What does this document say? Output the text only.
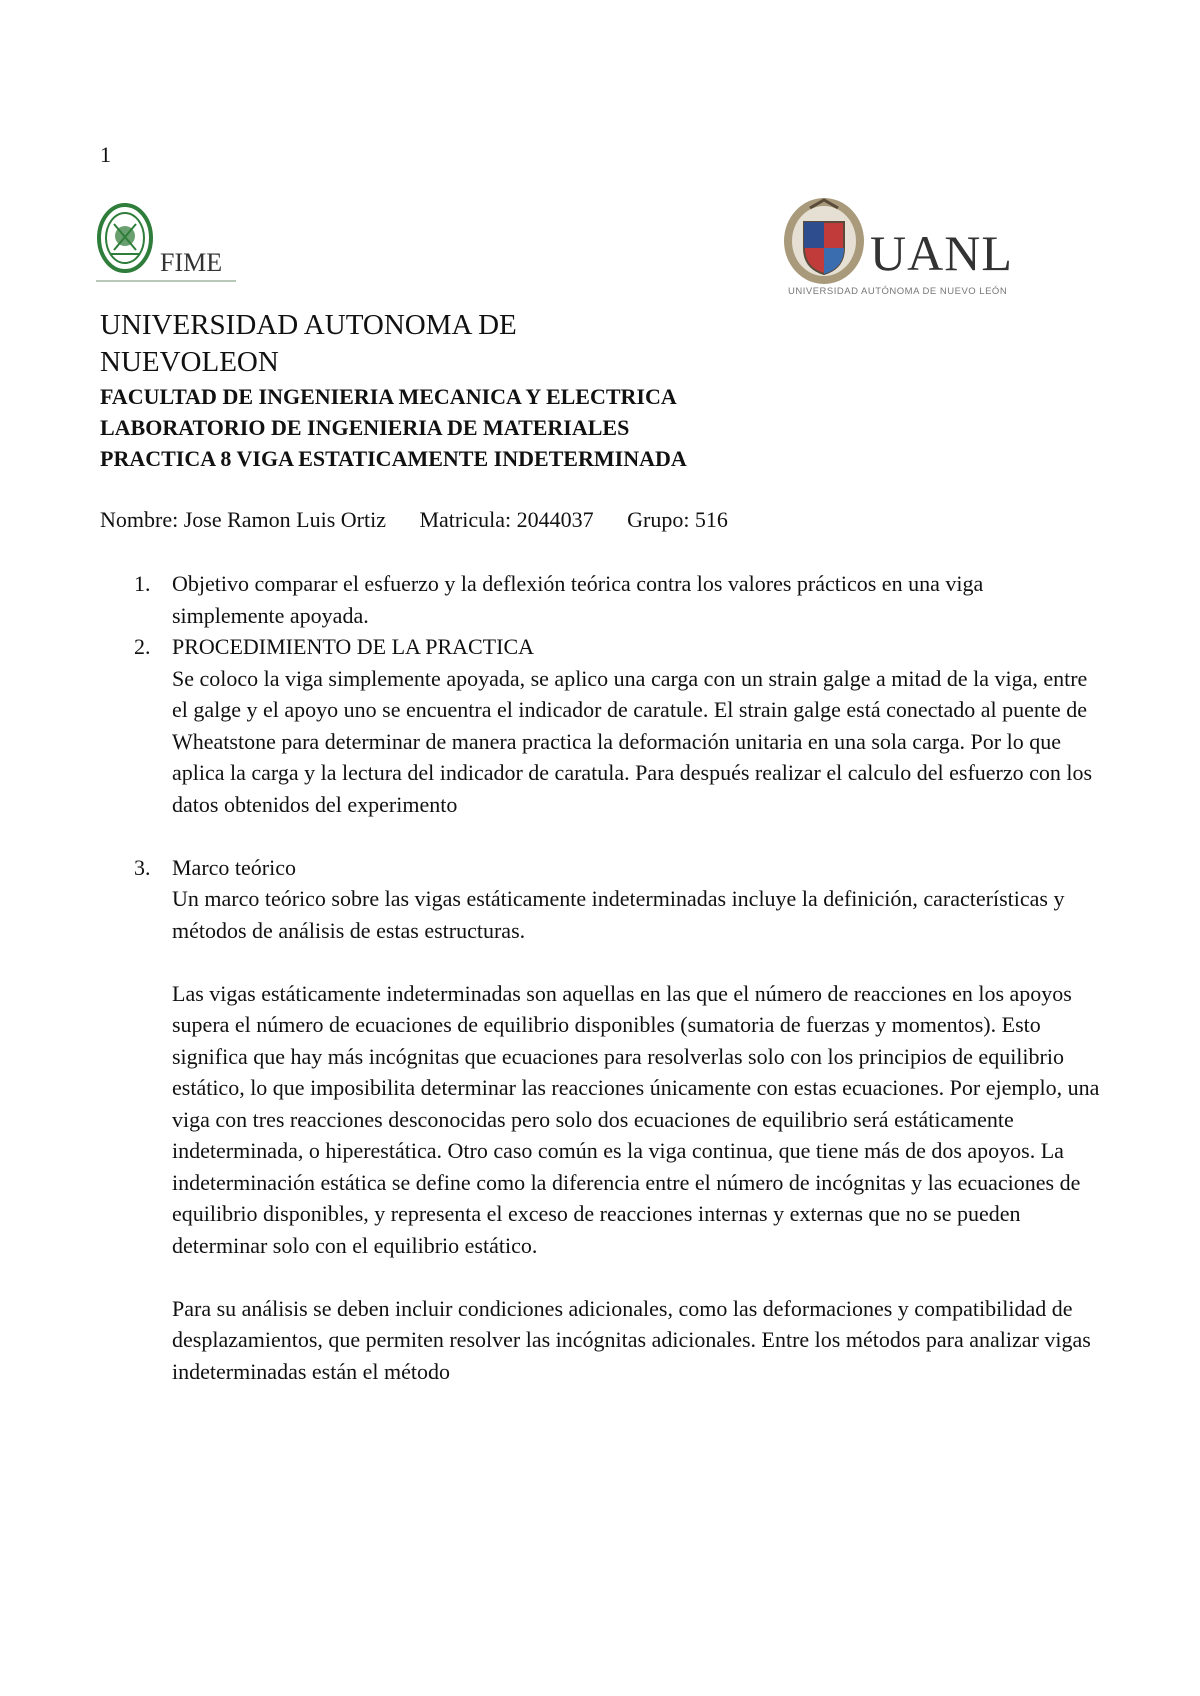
1
FIME	UANL
UNIVERSIDAD AUTÓNOMA DE NUEVO LEÓN
UNIVERSIDAD AUTONOMA DE NUEVOLEON
FACULTAD DE INGENIERIA MECANICA Y ELECTRICA
LABORATORIO DE INGENIERIA DE MATERIALES
PRACTICA 8 VIGA ESTATICAMENTE INDETERMINADA
Nombre: Jose Ramon Luis Ortiz Matricula: 2044037 Grupo: 516
1. Objetivo comparar el esfuerzo y la deflexión teórica contra los valores prácticos en una viga simplemente apoyada.
2. PROCEDIMIENTO DE LA PRACTICA

Se coloco la viga simplemente apoyada, se aplico una carga con un strain galge a mitad de la viga, entre el galge y el apoyo uno se encuentra el indicador de caratule. El strain galge está conectado al puente de Wheatstone para determinar de manera practica la deformación unitaria en una sola carga. Por lo que aplica la carga y la lectura del indicador de caratula. Para después realizar el calculo del esfuerzo con los datos obtenidos del experimento

3. Marco teórico

Un marco teórico sobre las vigas estáticamente indeterminadas incluye la definición, características y métodos de análisis de estas estructuras.

Las vigas estáticamente indeterminadas son aquellas en las que el número de reacciones en los apoyos supera el número de ecuaciones de equilibrio disponibles (sumatoria de fuerzas y momentos). Esto significa que hay más incógnitas que ecuaciones para resolverlas solo con los principios de equilibrio estático, lo que imposibilita determinar las reacciones únicamente con estas ecuaciones. Por ejemplo, una viga con tres reacciones desconocidas pero solo dos ecuaciones de equilibrio será estáticamente indeterminada, o hiperestática. Otro caso común es la viga continua, que tiene más de dos apoyos. La indeterminación estática se define como la diferencia entre el número de incógnitas y las ecuaciones de equilibrio disponibles, y representa el exceso de reacciones internas y externas que no se pueden determinar solo con el equilibrio estático.

Para su análisis se deben incluir condiciones adicionales, como las deformaciones y compatibilidad de desplazamientos, que permiten resolver las incógnitas adicionales. Entre los métodos para analizar vigas indeterminadas están el método
